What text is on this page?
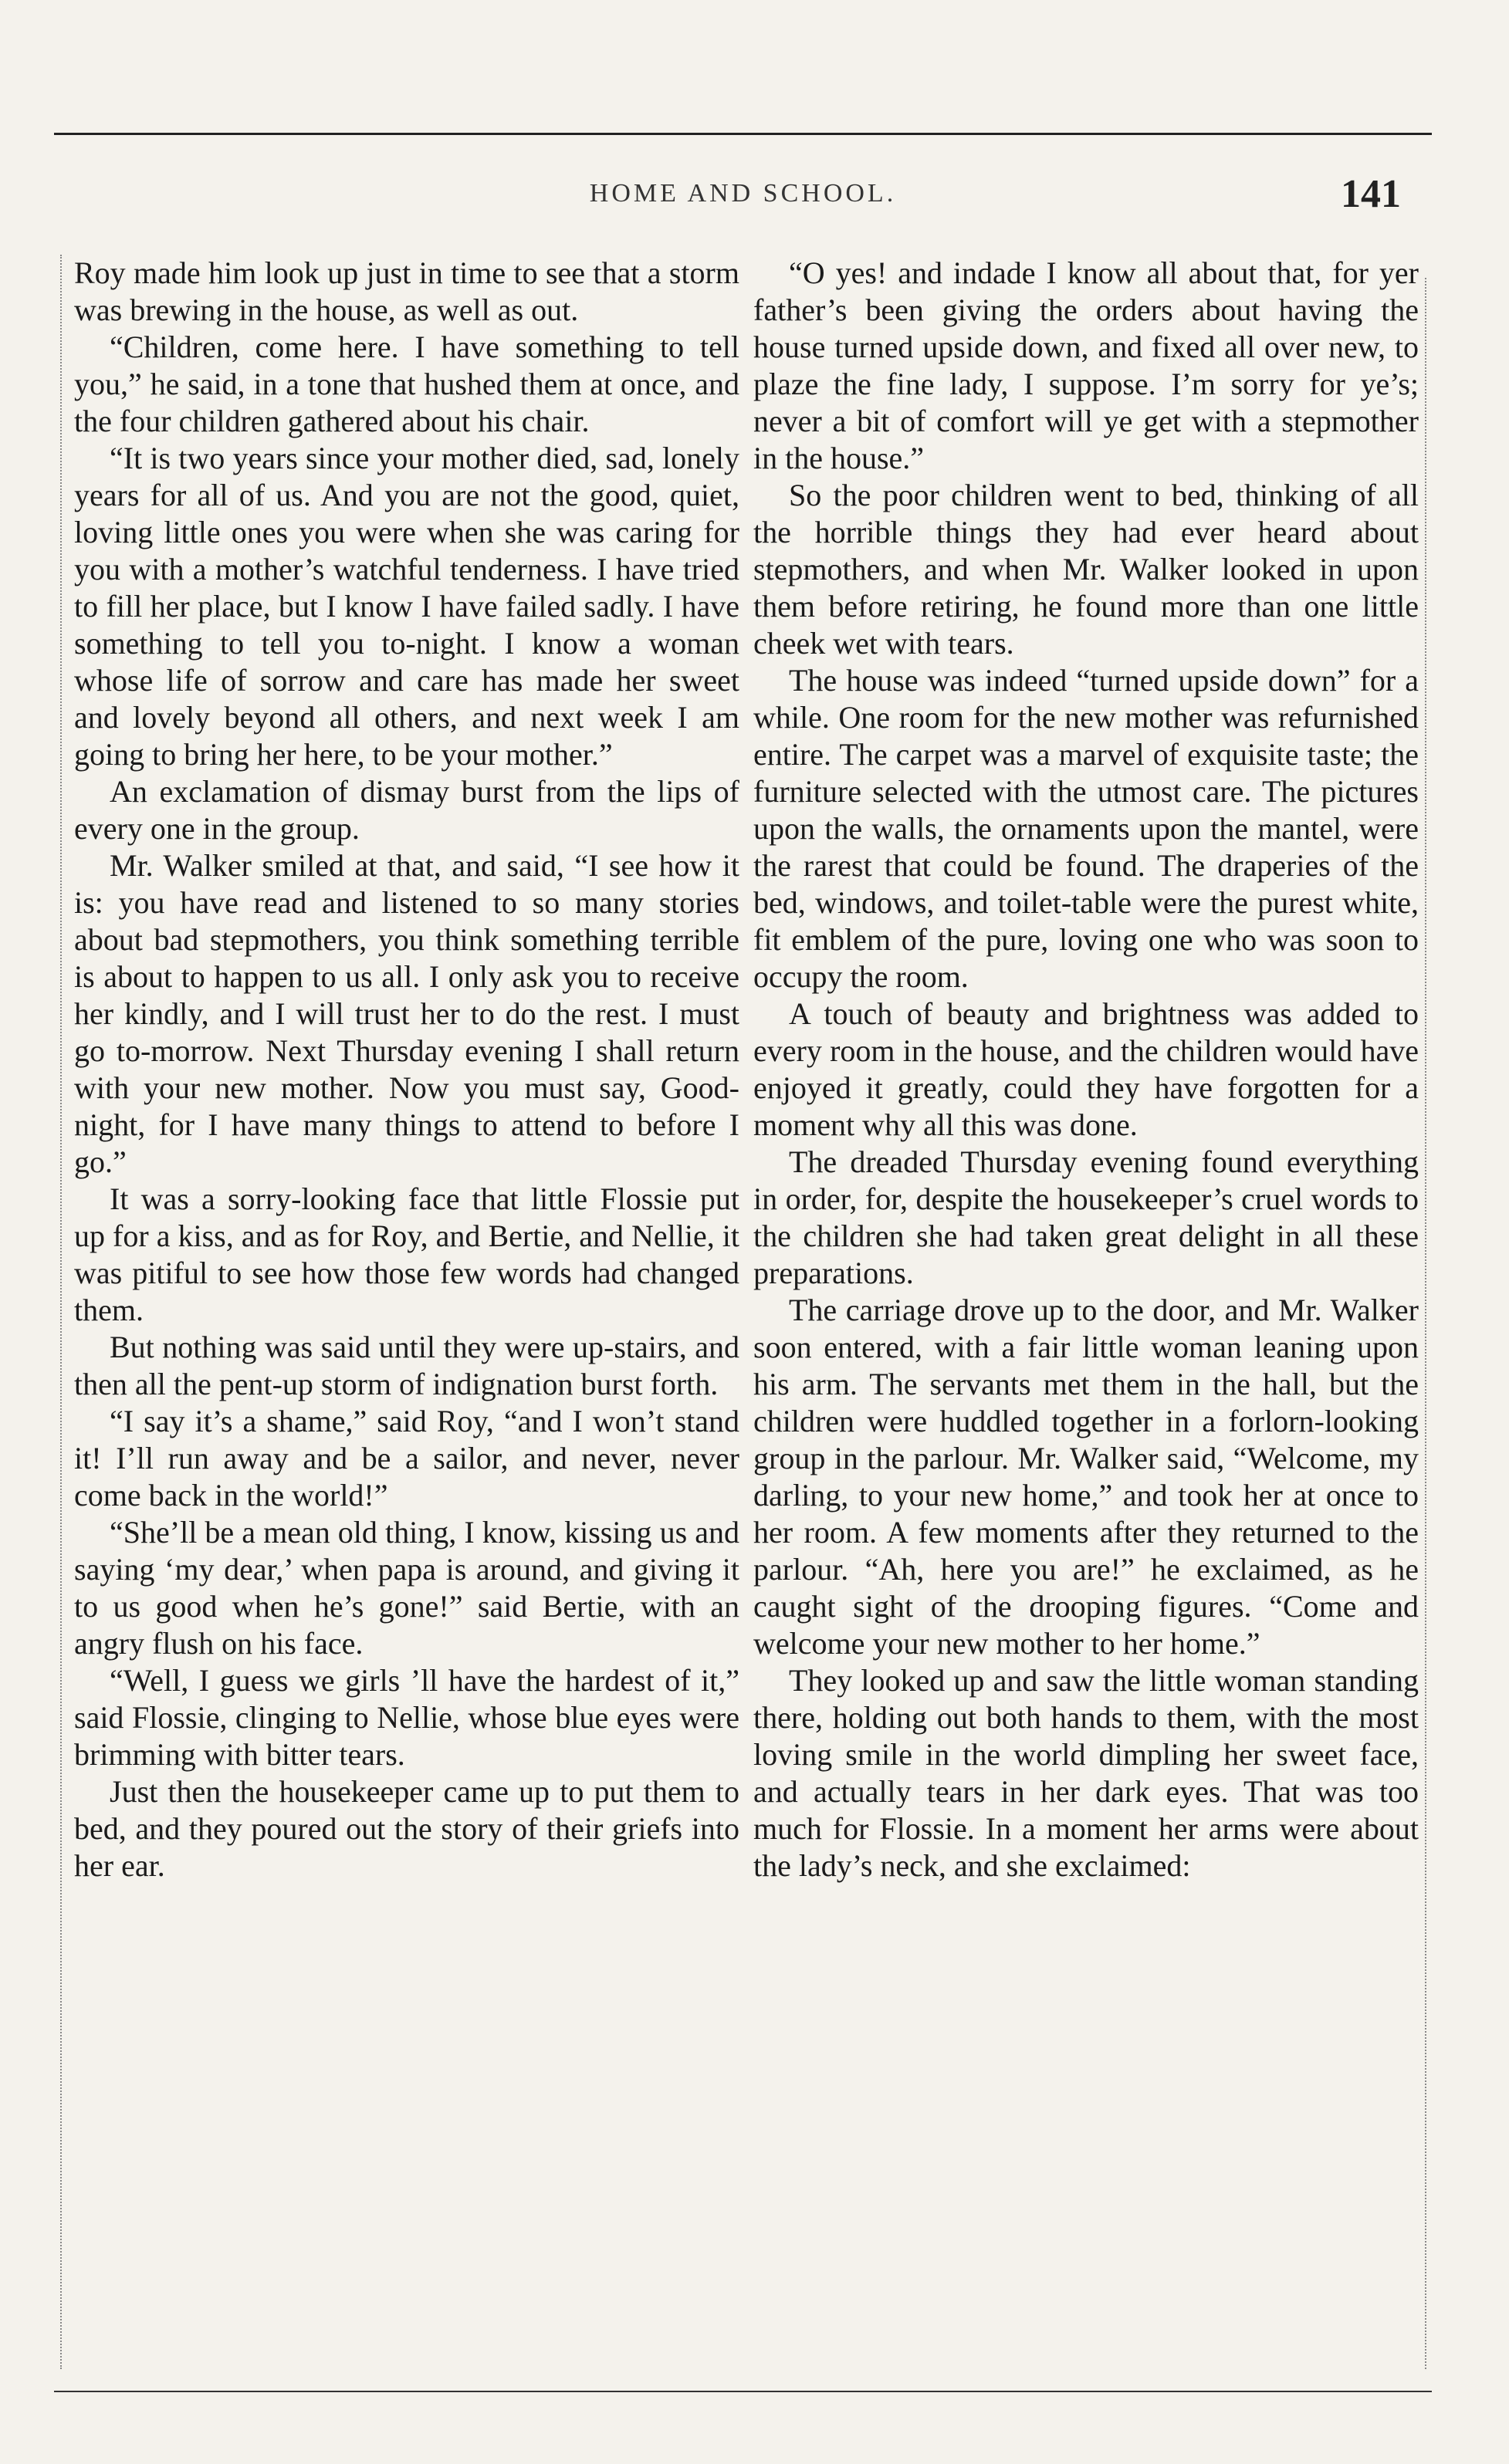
HOME AND SCHOOL.	141

Roy made him look up just in time to see that a storm was brewing in the house, as well as out.

“Children, come here. I have something to tell you,” he said, in a tone that hushed them at once, and the four children gathered about his chair.

“It is two years since your mother died, sad, lonely years for all of us. And you are not the good, quiet, loving little ones you were when she was caring for you with a mother’s watchful tenderness. I have tried to fill her place, but I know I have failed sadly. I have something to tell you to-night. I know a woman whose life of sorrow and care has made her sweet and lovely beyond all others, and next week I am going to bring her here, to be your mother.”

An exclamation of dismay burst from the lips of every one in the group.

Mr. Walker smiled at that, and said, “I see how it is: you have read and listened to so many stories about bad stepmothers, you think something terrible is about to happen to us all. I only ask you to receive her kindly, and I will trust her to do the rest. I must go to-morrow. Next Thursday evening I shall return with your new mother. Now you must say, Good-night, for I have many things to attend to before I go.”

It was a sorry-looking face that little Flossie put up for a kiss, and as for Roy, and Bertie, and Nellie, it was pitiful to see how those few words had changed them.

But nothing was said until they were up-stairs, and then all the pent-up storm of indignation burst forth.

“I say it’s a shame,” said Roy, “and I won’t stand it! I’ll run away and be a sailor, and never, never come back in the world!”

“She’ll be a mean old thing, I know, kissing us and saying ‘my dear,’ when papa is around, and giving it to us good when he’s gone!” said Bertie, with an angry flush on his face.

“Well, I guess we girls ’ll have the hardest of it,” said Flossie, clinging to Nellie, whose blue eyes were brimming with bitter tears.

Just then the housekeeper came up to put them to bed, and they poured out the story of their griefs into her ear.

“O yes! and indade I know all about that, for yer father’s been giving the orders about having the house turned upside down, and fixed all over new, to plaze the fine lady, I suppose. I’m sorry for ye’s; never a bit of comfort will ye get with a stepmother in the house.”

So the poor children went to bed, thinking of all the horrible things they had ever heard about stepmothers, and when Mr. Walker looked in upon them before retiring, he found more than one little cheek wet with tears.

The house was indeed “turned upside down” for a while. One room for the new mother was refurnished entire. The carpet was a marvel of exquisite taste; the furniture selected with the utmost care. The pictures upon the walls, the ornaments upon the mantel, were the rarest that could be found. The draperies of the bed, windows, and toilet-table were the purest white, fit emblem of the pure, loving one who was soon to occupy the room.

A touch of beauty and brightness was added to every room in the house, and the children would have enjoyed it greatly, could they have forgotten for a moment why all this was done.

The dreaded Thursday evening found everything in order, for, despite the housekeeper’s cruel words to the children she had taken great delight in all these preparations.

The carriage drove up to the door, and Mr. Walker soon entered, with a fair little woman leaning upon his arm. The servants met them in the hall, but the children were huddled together in a forlorn-looking group in the parlour. Mr. Walker said, “Welcome, my darling, to your new home,” and took her at once to her room. A few moments after they returned to the parlour. “Ah, here you are!” he exclaimed, as he caught sight of the drooping figures. “Come and welcome your new mother to her home.”

They looked up and saw the little woman standing there, holding out both hands to them, with the most loving smile in the world dimpling her sweet face, and actually tears in her dark eyes. That was too much for Flossie. In a moment her arms were about the lady’s neck, and she exclaimed:
